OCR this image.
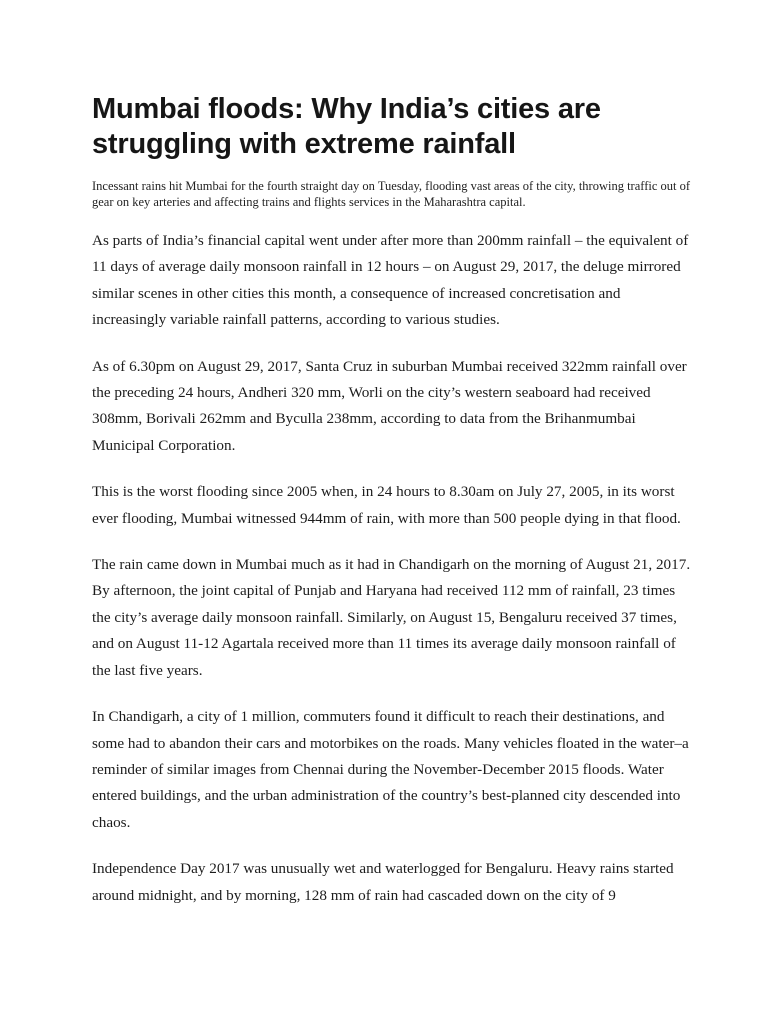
Mumbai floods: Why India’s cities are struggling with extreme rainfall

Incessant rains hit Mumbai for the fourth straight day on Tuesday, flooding vast areas of the city, throwing traffic out of gear on key arteries and affecting trains and flights services in the Maharashtra capital.

As parts of India’s financial capital went under after more than 200mm rainfall – the equivalent of 11 days of average daily monsoon rainfall in 12 hours – on August 29, 2017, the deluge mirrored similar scenes in other cities this month, a consequence of increased concretisation and increasingly variable rainfall patterns, according to various studies.

As of 6.30pm on August 29, 2017, Santa Cruz in suburban Mumbai received 322mm rainfall over the preceding 24 hours, Andheri 320 mm, Worli on the city’s western seaboard had received 308mm, Borivali 262mm and Byculla 238mm, according to data from the Brihanmumbai Municipal Corporation.

This is the worst flooding since 2005 when, in 24 hours to 8.30am on July 27, 2005, in its worst ever flooding, Mumbai witnessed 944mm of rain, with more than 500 people dying in that flood.

The rain came down in Mumbai much as it had in Chandigarh on the morning of August 21, 2017. By afternoon, the joint capital of Punjab and Haryana had received 112 mm of rainfall, 23 times the city’s average daily monsoon rainfall. Similarly, on August 15, Bengaluru received 37 times, and on August 11-12 Agartala received more than 11 times its average daily monsoon rainfall of the last five years.

In Chandigarh, a city of 1 million, commuters found it difficult to reach their destinations, and some had to abandon their cars and motorbikes on the roads. Many vehicles floated in the water–a reminder of similar images from Chennai during the November-December 2015 floods. Water entered buildings, and the urban administration of the country’s best-planned city descended into chaos.

Independence Day 2017 was unusually wet and waterlogged for Bengaluru. Heavy rains started around midnight, and by morning, 128 mm of rain had cascaded down on the city of 9
